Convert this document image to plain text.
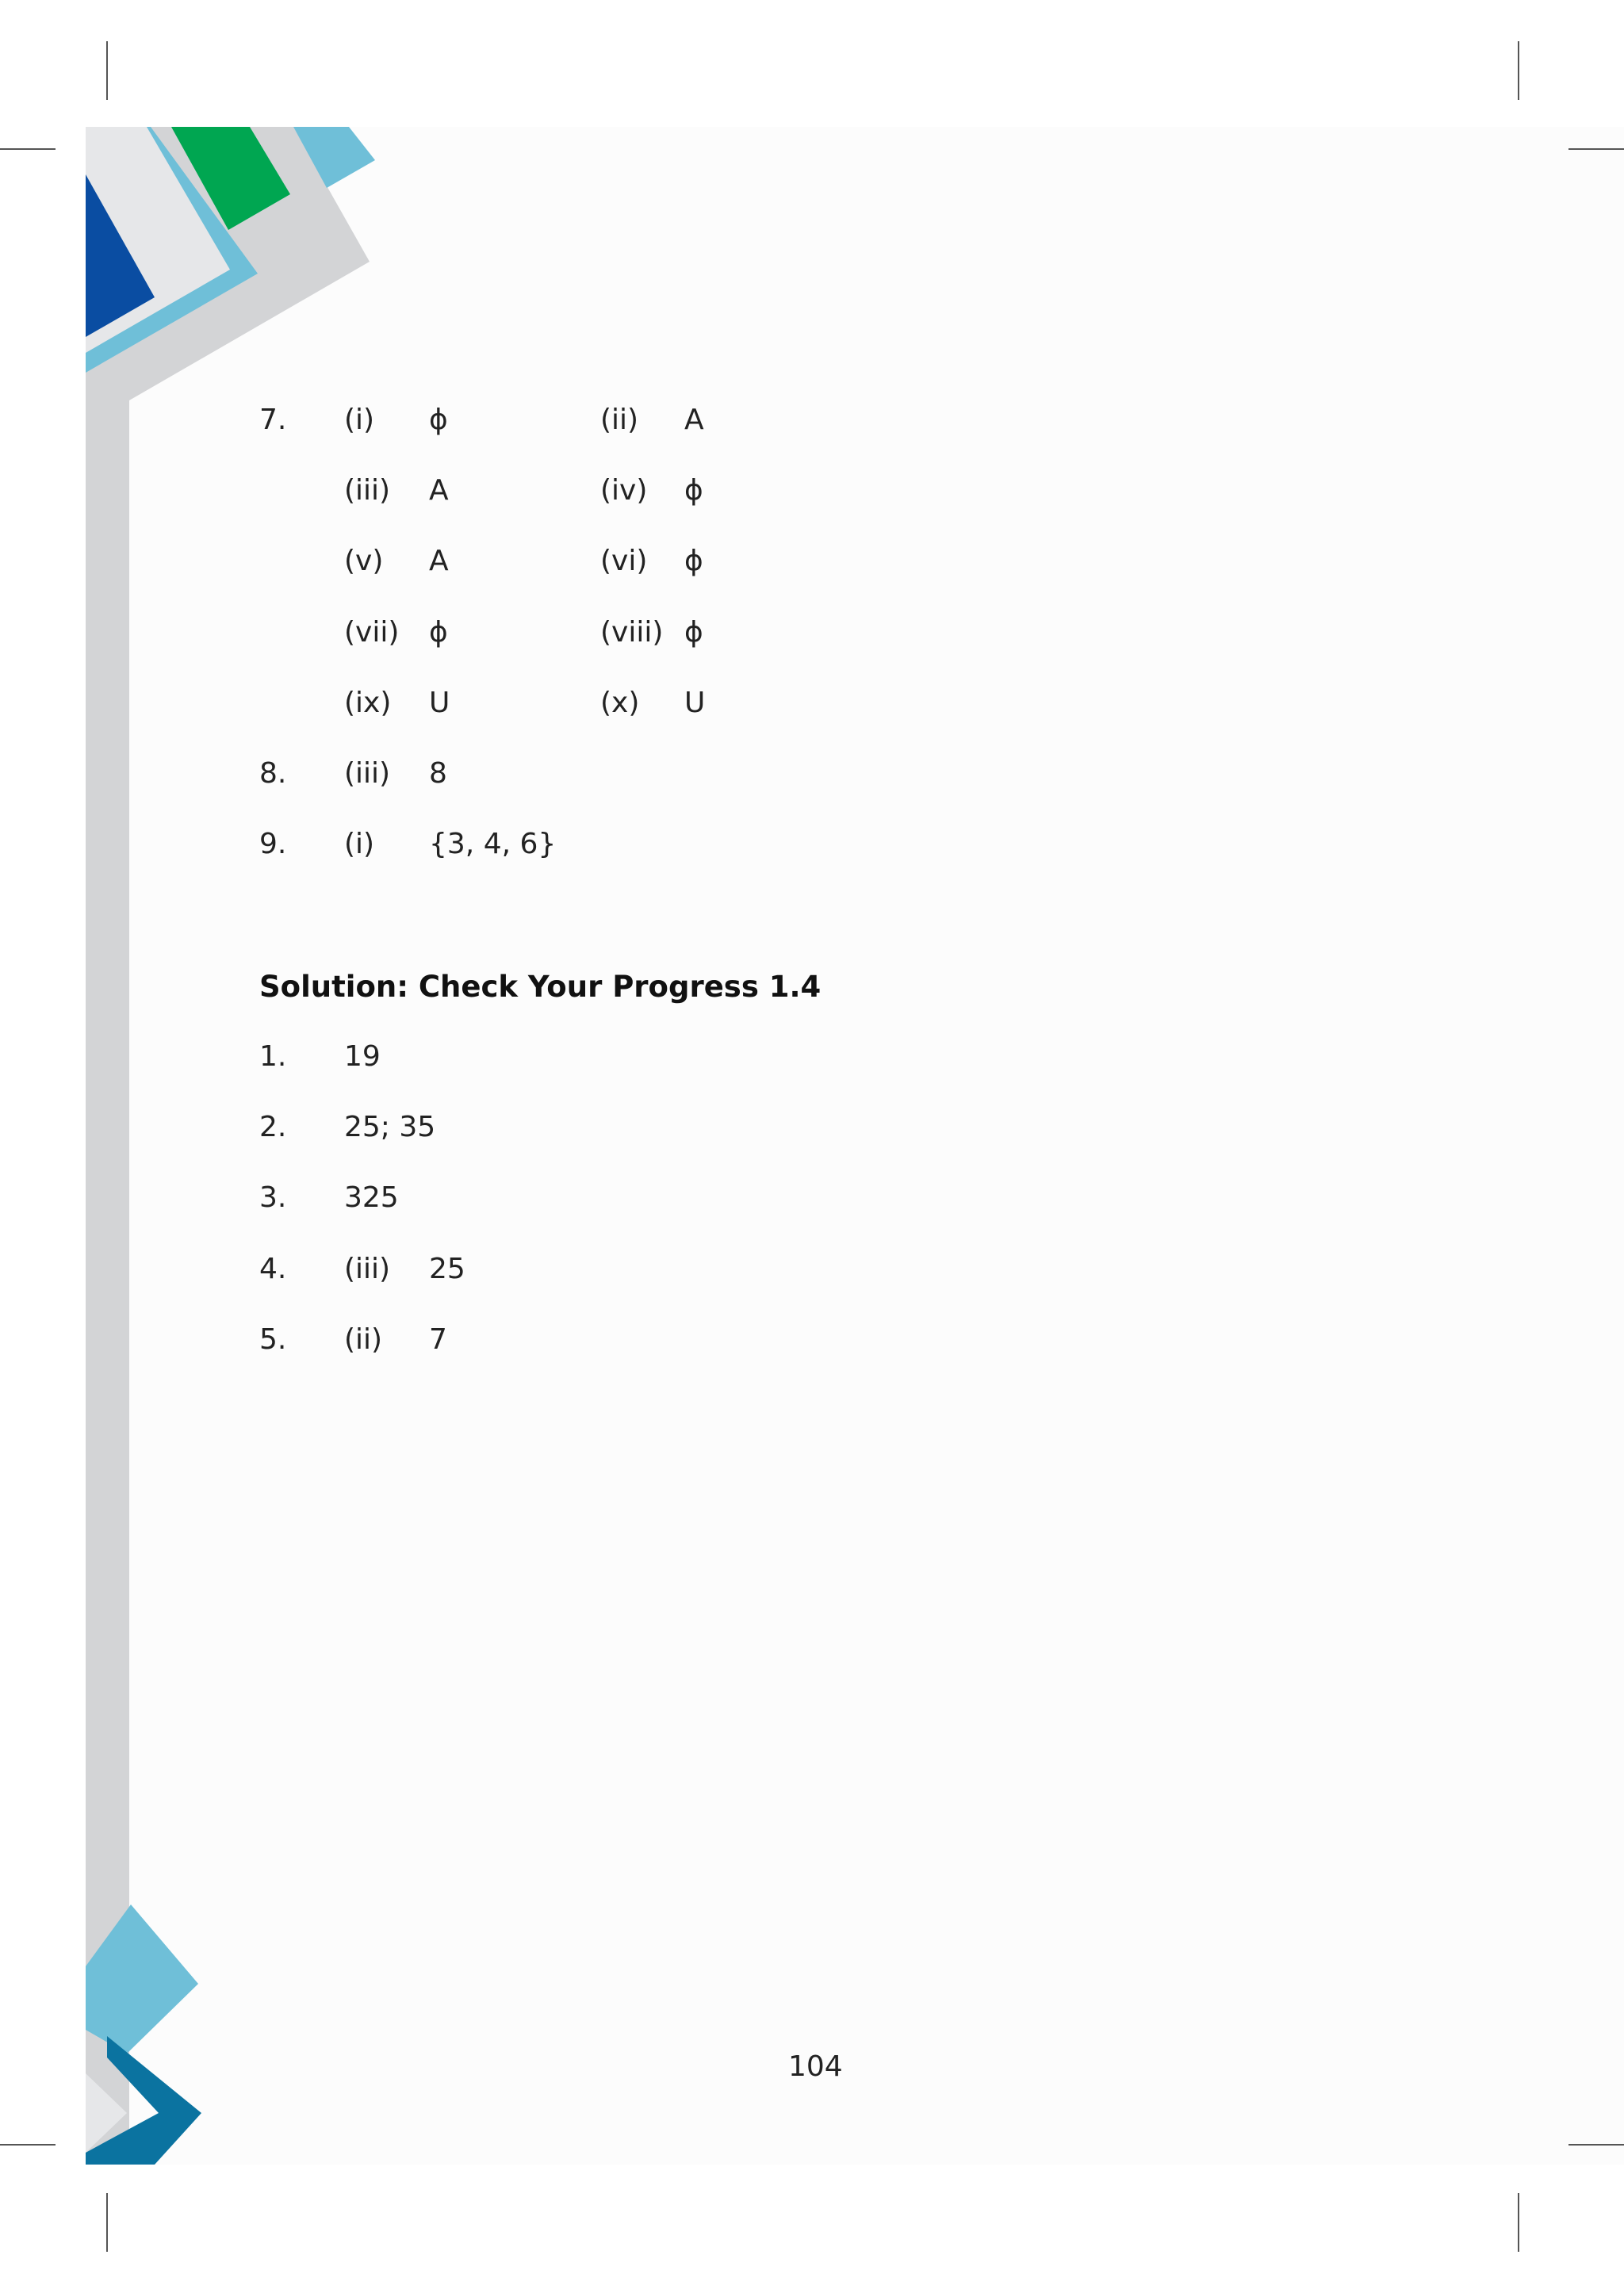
7. (i) ϕ	(ii) A
(iii) A	(iv) ϕ
(v) A	(vi) ϕ
(vii) ϕ	(viii) ϕ
(ix) U	(x) U
8. (iii) 8
9. (i) {3, 4, 6}
Solution: Check Your Progress 1.4
1. 19
2. 25; 35
3. 325
4. (iii) 25
5. (ii) 7
104
